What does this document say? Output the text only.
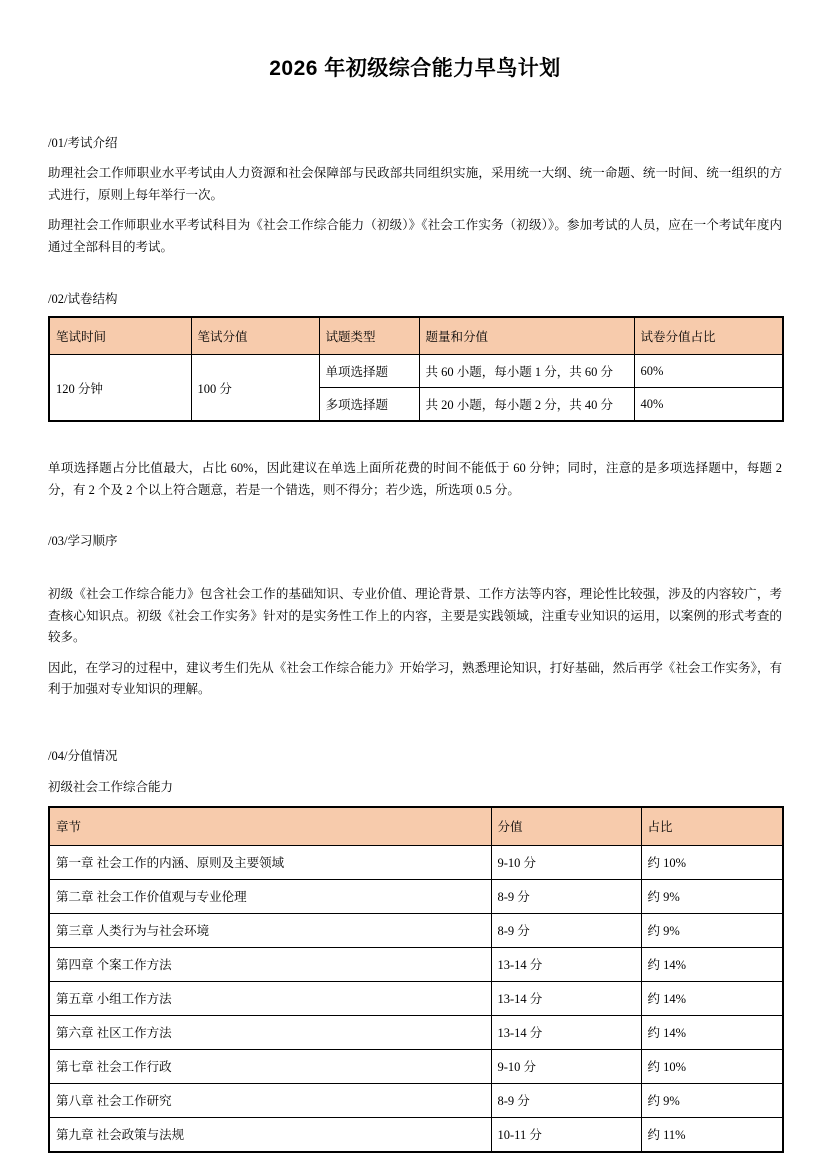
2026 年初级综合能力早鸟计划

/01/考试介绍

助理社会工作师职业水平考试由人力资源和社会保障部与民政部共同组织实施，采用统一大纲、统一命题、统一时间、统一组织的方式进行，原则上每年举行一次。

助理社会工作师职业水平考试科目为《社会工作综合能力（初级）》《社会工作实务（初级）》。参加考试的人员，应在一个考试年度内通过全部科目的考试。

/02/试卷结构

笔试时间	笔试分值	试题类型	题量和分值	试卷分值占比
120 分钟	100 分	单项选择题	共 60 小题，每小题 1 分，共 60 分	60%
		多项选择题	共 20 小题，每小题 2 分，共 40 分	40%

单项选择题占分比值最大，占比 60%，因此建议在单选上面所花费的时间不能低于 60 分钟；同时，注意的是多项选择题中，每题 2 分，有 2 个及 2 个以上符合题意，若是一个错选，则不得分；若少选，所选项 0.5 分。

/03/学习顺序

初级《社会工作综合能力》包含社会工作的基础知识、专业价值、理论背景、工作方法等内容，理论性比较强，涉及的内容较广，考查核心知识点。初级《社会工作实务》针对的是实务性工作上的内容，主要是实践领域，注重专业知识的运用，以案例的形式考查的较多。

因此，在学习的过程中，建议考生们先从《社会工作综合能力》开始学习，熟悉理论知识，打好基础，然后再学《社会工作实务》，有利于加强对专业知识的理解。

/04/分值情况

初级社会工作综合能力

章节	分值	占比
第一章 社会工作的内涵、原则及主要领域	9-10 分	约 10%
第二章 社会工作价值观与专业伦理	8-9 分	约 9%
第三章 人类行为与社会环境	8-9 分	约 9%
第四章 个案工作方法	13-14 分	约 14%
第五章 小组工作方法	13-14 分	约 14%
第六章 社区工作方法	13-14 分	约 14%
第七章 社会工作行政	9-10 分	约 10%
第八章 社会工作研究	8-9 分	约 9%
第九章 社会政策与法规	10-11 分	约 11%
